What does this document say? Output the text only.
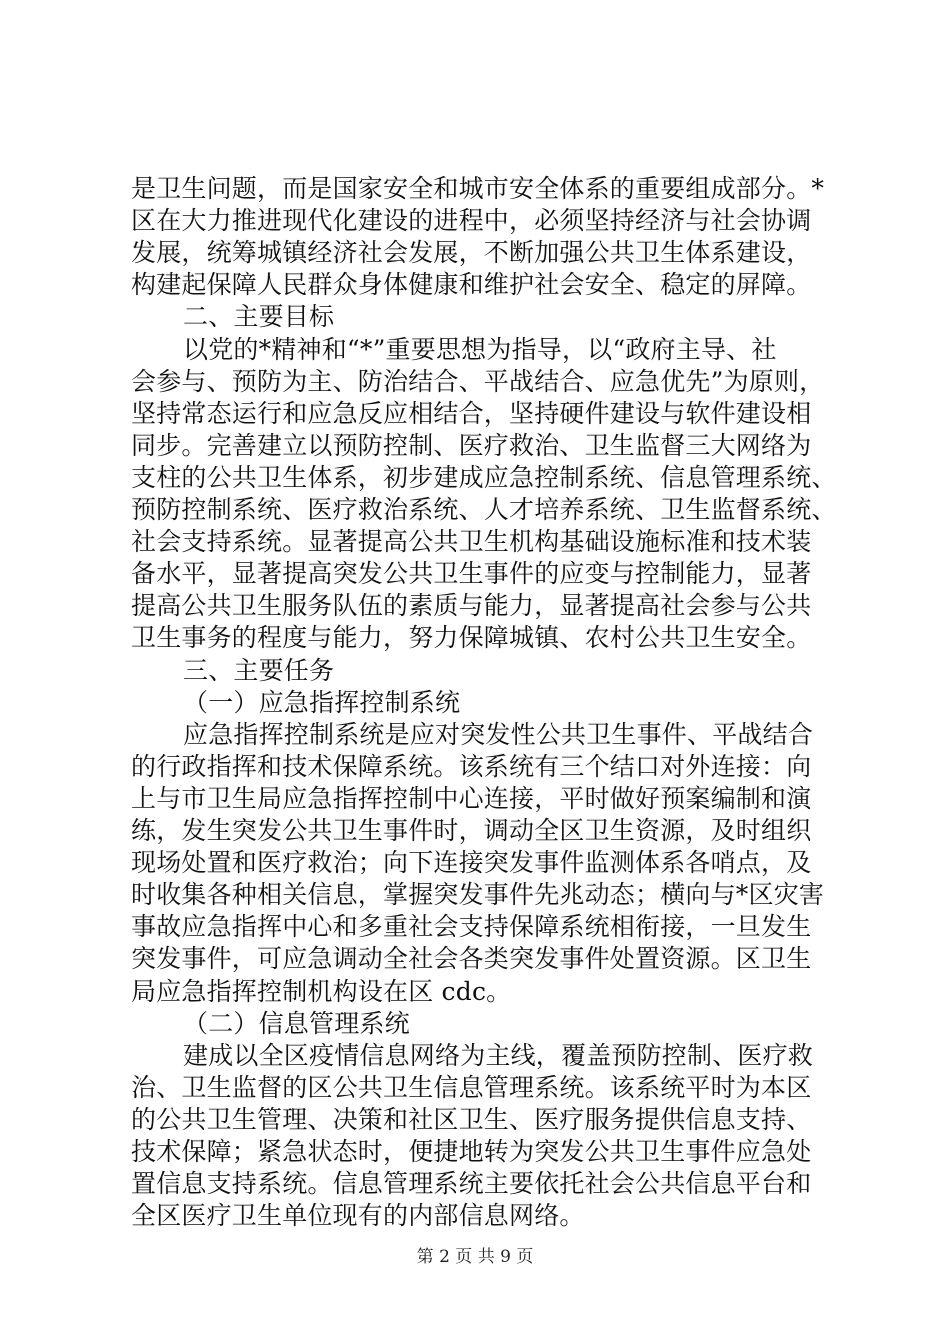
是卫生问题，而是国家安全和城市安全体系的重要组成部分。*
区在大力推进现代化建设的进程中，必须坚持经济与社会协调
发展，统筹城镇经济社会发展，不断加强公共卫生体系建设，
构建起保障人民群众身体健康和维护社会安全、稳定的屏障。
二、主要目标
以党的*精神和“*”重要思想为指导，以“政府主导、社
会参与、预防为主、防治结合、平战结合、应急优先”为原则，
坚持常态运行和应急反应相结合，坚持硬件建设与软件建设相
同步。完善建立以预防控制、医疗救治、卫生监督三大网络为
支柱的公共卫生体系，初步建成应急控制系统、信息管理系统、
预防控制系统、医疗救治系统、人才培养系统、卫生监督系统、
社会支持系统。显著提高公共卫生机构基础设施标准和技术装
备水平，显著提高突发公共卫生事件的应变与控制能力，显著
提高公共卫生服务队伍的素质与能力，显著提高社会参与公共
卫生事务的程度与能力，努力保障城镇、农村公共卫生安全。
三、主要任务
（一）应急指挥控制系统
应急指挥控制系统是应对突发性公共卫生事件、平战结合
的行政指挥和技术保障系统。该系统有三个结口对外连接：向
上与市卫生局应急指挥控制中心连接，平时做好预案编制和演
练，发生突发公共卫生事件时，调动全区卫生资源，及时组织
现场处置和医疗救治；向下连接突发事件监测体系各哨点，及
时收集各种相关信息，掌握突发事件先兆动态；横向与*区灾害
事故应急指挥中心和多重社会支持保障系统相衔接，一旦发生
突发事件，可应急调动全社会各类突发事件处置资源。区卫生
局应急指挥控制机构设在区 cdc。
（二）信息管理系统
建成以全区疫情信息网络为主线，覆盖预防控制、医疗救
治、卫生监督的区公共卫生信息管理系统。该系统平时为本区
的公共卫生管理、决策和社区卫生、医疗服务提供信息支持、
技术保障；紧急状态时，便捷地转为突发公共卫生事件应急处
置信息支持系统。信息管理系统主要依托社会公共信息平台和
全区医疗卫生单位现有的内部信息网络。
第 2 页 共 9 页
